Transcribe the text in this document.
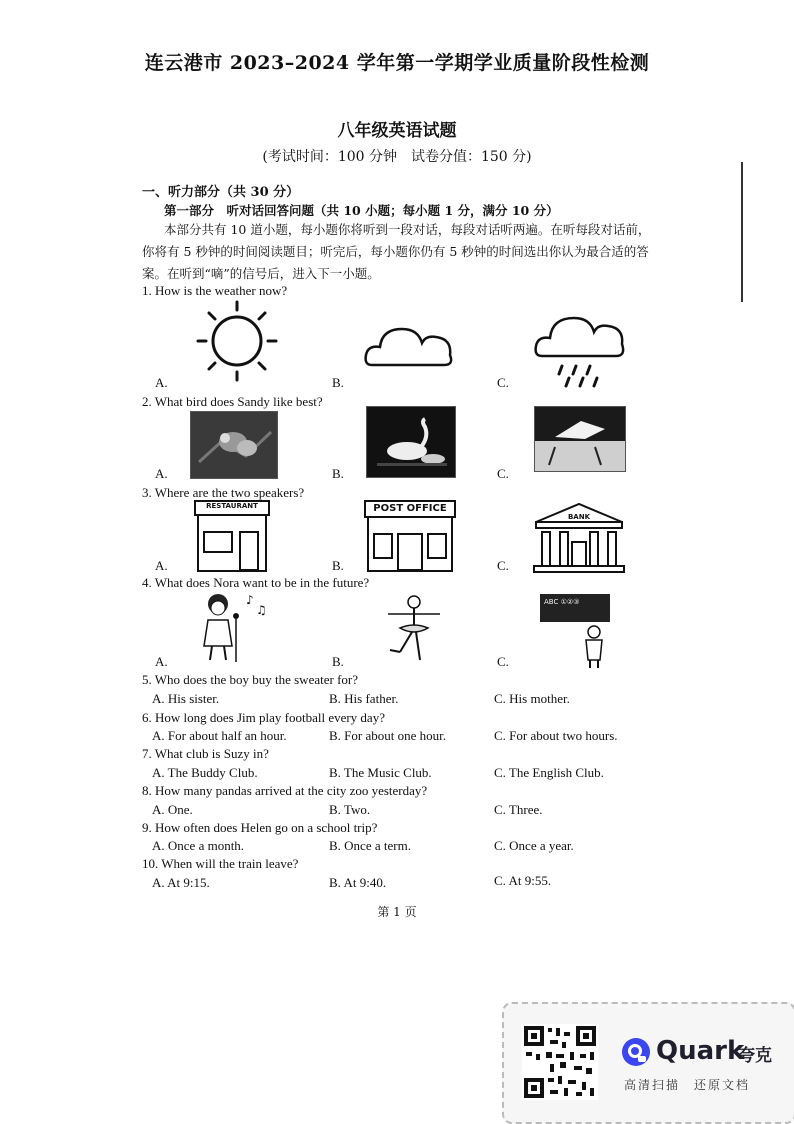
连云港市 2023–2024 学年第一学期学业质量阶段性检测
八年级英语试题
(考试时间：100 分钟　试卷分值：150 分)
一、听力部分（共 30 分）
第一部分　听对话回答问题（共 10 小题；每小题 1 分，满分 10 分）
本部分共有 10 道小题，每小题你将听到一段对话，每段对话听两遍。在听每段对话前，
你将有 5 秒钟的时间阅读题目；听完后，每小题你仍有 5 秒钟的时间选出你认为最合适的答
案。在听到“嘀”的信号后，进入下一小题。
1. How is the weather now?
A.	B.	C.
2. What bird does Sandy like best?
A.	B.	C.
3. Where are the two speakers?
A.	B.	C.
RESTAURANT	POST OFFICE
BANK
4. What does Nora want to be in the future?
A.	B.	C.
♪
♫
ABC ①②③
5. Who does the boy buy the sweater for?
A. His sister.	B. His father.	C. His mother.
6. How long does Jim play football every day?
A. For about half an hour.	B. For about one hour.	C. For about two hours.
7. What club is Suzy in?
A. The Buddy Club.	B. The Music Club.	C. The English Club.
8. How many pandas arrived at the city zoo yesterday?
A. One.	B. Two.	C. Three.
9. How often does Helen go on a school trip?
A. Once a month.	B. Once a term.	C. Once a year.
10. When will the train leave?
A. At 9:15.	B. At 9:40.	C. At 9:55.
第 1 页
Quark
夸克
高清扫描　还原文档
